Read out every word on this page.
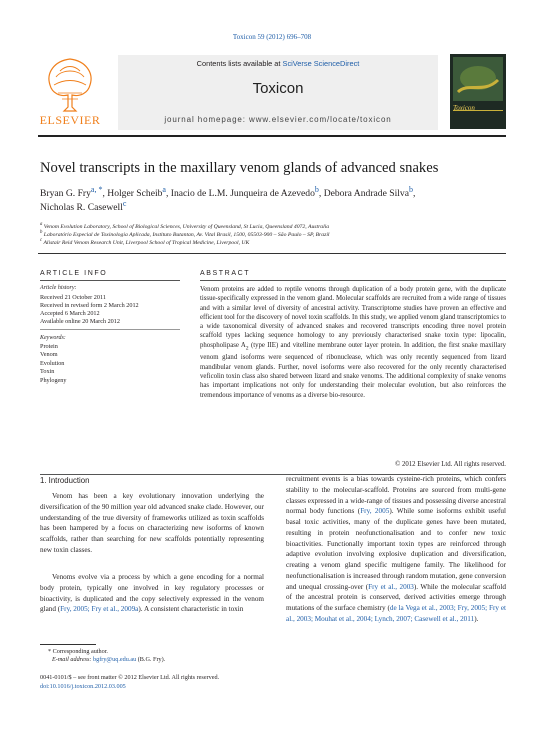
Toxicon 59 (2012) 696–708
Contents lists available at SciVerse ScienceDirect
Toxicon
journal homepage: www.elsevier.com/locate/toxicon
ELSEVIER
Toxicon
Novel transcripts in the maxillary venom glands of advanced snakes
Bryan G. Fry$^{a, *}$, Holger Scheib$^a$, Inacio de L.M. Junqueira de Azevedo$^b$, Debora Andrade Silva$^b$,
Nicholas R. Casewell$^c$
$^a$ Venom Evolution Laboratory, School of Biological Sciences, University of Queensland, St Lucia, Queensland 4072, Australia
$^b$ Laboratório Especial de Toxinologia Aplicada, Instituto Butantan, Av. Vital Brasil, 1500, 05503-900 – São Paulo – SP, Brazil
$^c$ Alistair Reid Venom Research Unit, Liverpool School of Tropical Medicine, Liverpool, UK
ARTICLE INFO
Article history:
Received 21 October 2011
Received in revised form 2 March 2012
Accepted 6 March 2012
Available online 20 March 2012
Keywords:
Protein
Venom
Evolution
Toxin
Phylogeny
ABSTRACT
Venom proteins are added to reptile venoms through duplication of a body protein gene, with the duplicate tissue-specifically expressed in the venom gland. Molecular scaffolds are recruited from a wide range of tissues and with a similar level of diversity of ancestral activity. Transcriptome studies have proven an effective and efficient tool for the discovery of novel toxin scaffolds. In this study, we applied venom gland transcriptomics to a wide taxonomical diversity of advanced snakes and recovered transcripts encoding three novel protein scaffold types lacking sequence homology to any previously characterised snake toxin type: lipocalin, phospholipase $A_2$ (type IIE) and vitelline membrane outer layer protein. In addition, the first snake maxillary venom gland isoforms were sequenced of ribonuclease, which was only recently sequenced from lizard mandibular venom glands. Further, novel isoforms were also recovered for the only recently characterised veficolin toxin class also shared between lizard and snake venoms. The additional complexity of snake venoms has important implications not only for understanding their molecular evolution, but also reinforces the tremendous importance of venoms as a diverse bio-resource.
© 2012 Elsevier Ltd. All rights reserved.
1. Introduction
Venom has been a key evolutionary innovation underlying the diversification of the 90 million year old advanced snake clade. However, our understanding of the true diversity of frameworks utilized as toxin scaffolds has been hampered by a focus on characterizing new isoforms of known scaffolds, rather than searching for new scaffolds potentially representing new toxin classes.
Venoms evolve via a process by which a gene encoding for a normal body protein, typically one involved in key regulatory processes or bioactivity, is duplicated and the copy selectively expressed in the venom gland (Fry, 2005; Fry et al., 2009a). A consistent characteristic in toxin
recruitment events is a bias towards cysteine-rich proteins, which confers stability to the molecular-scaffold. Proteins are sourced from multi-gene classes expressed in a wide-range of tissues and possessing diverse ancestral normal body functions (Fry, 2005). While some isoforms exhibit useful basal toxic activities, many of the duplicate genes have been mutated, resulting in protein neofunctionalisation and to confer new toxic bioactivities. Functionally important toxin types are reinforced through adaptive evolution involving explosive duplication and diversification, creating a venom gland specific multigene family. The likelihood for neofunctionalisation is increased through random mutation, gene conversion and unequal crossing-over (Fry et al., 2003). While the molecular scaffold of the ancestral protein is conserved, derived activities emerge through mutations of the surface chemistry (de la Vega et al., 2003; Fry, 2005; Fry et al., 2003; Mouhat et al., 2004; Lynch, 2007; Casewell et al., 2011).
* Corresponding author.
E-mail address: bgfry@uq.edu.au (B.G. Fry).
0041-0101/$ – see front matter © 2012 Elsevier Ltd. All rights reserved.
doi:10.1016/j.toxicon.2012.03.005
